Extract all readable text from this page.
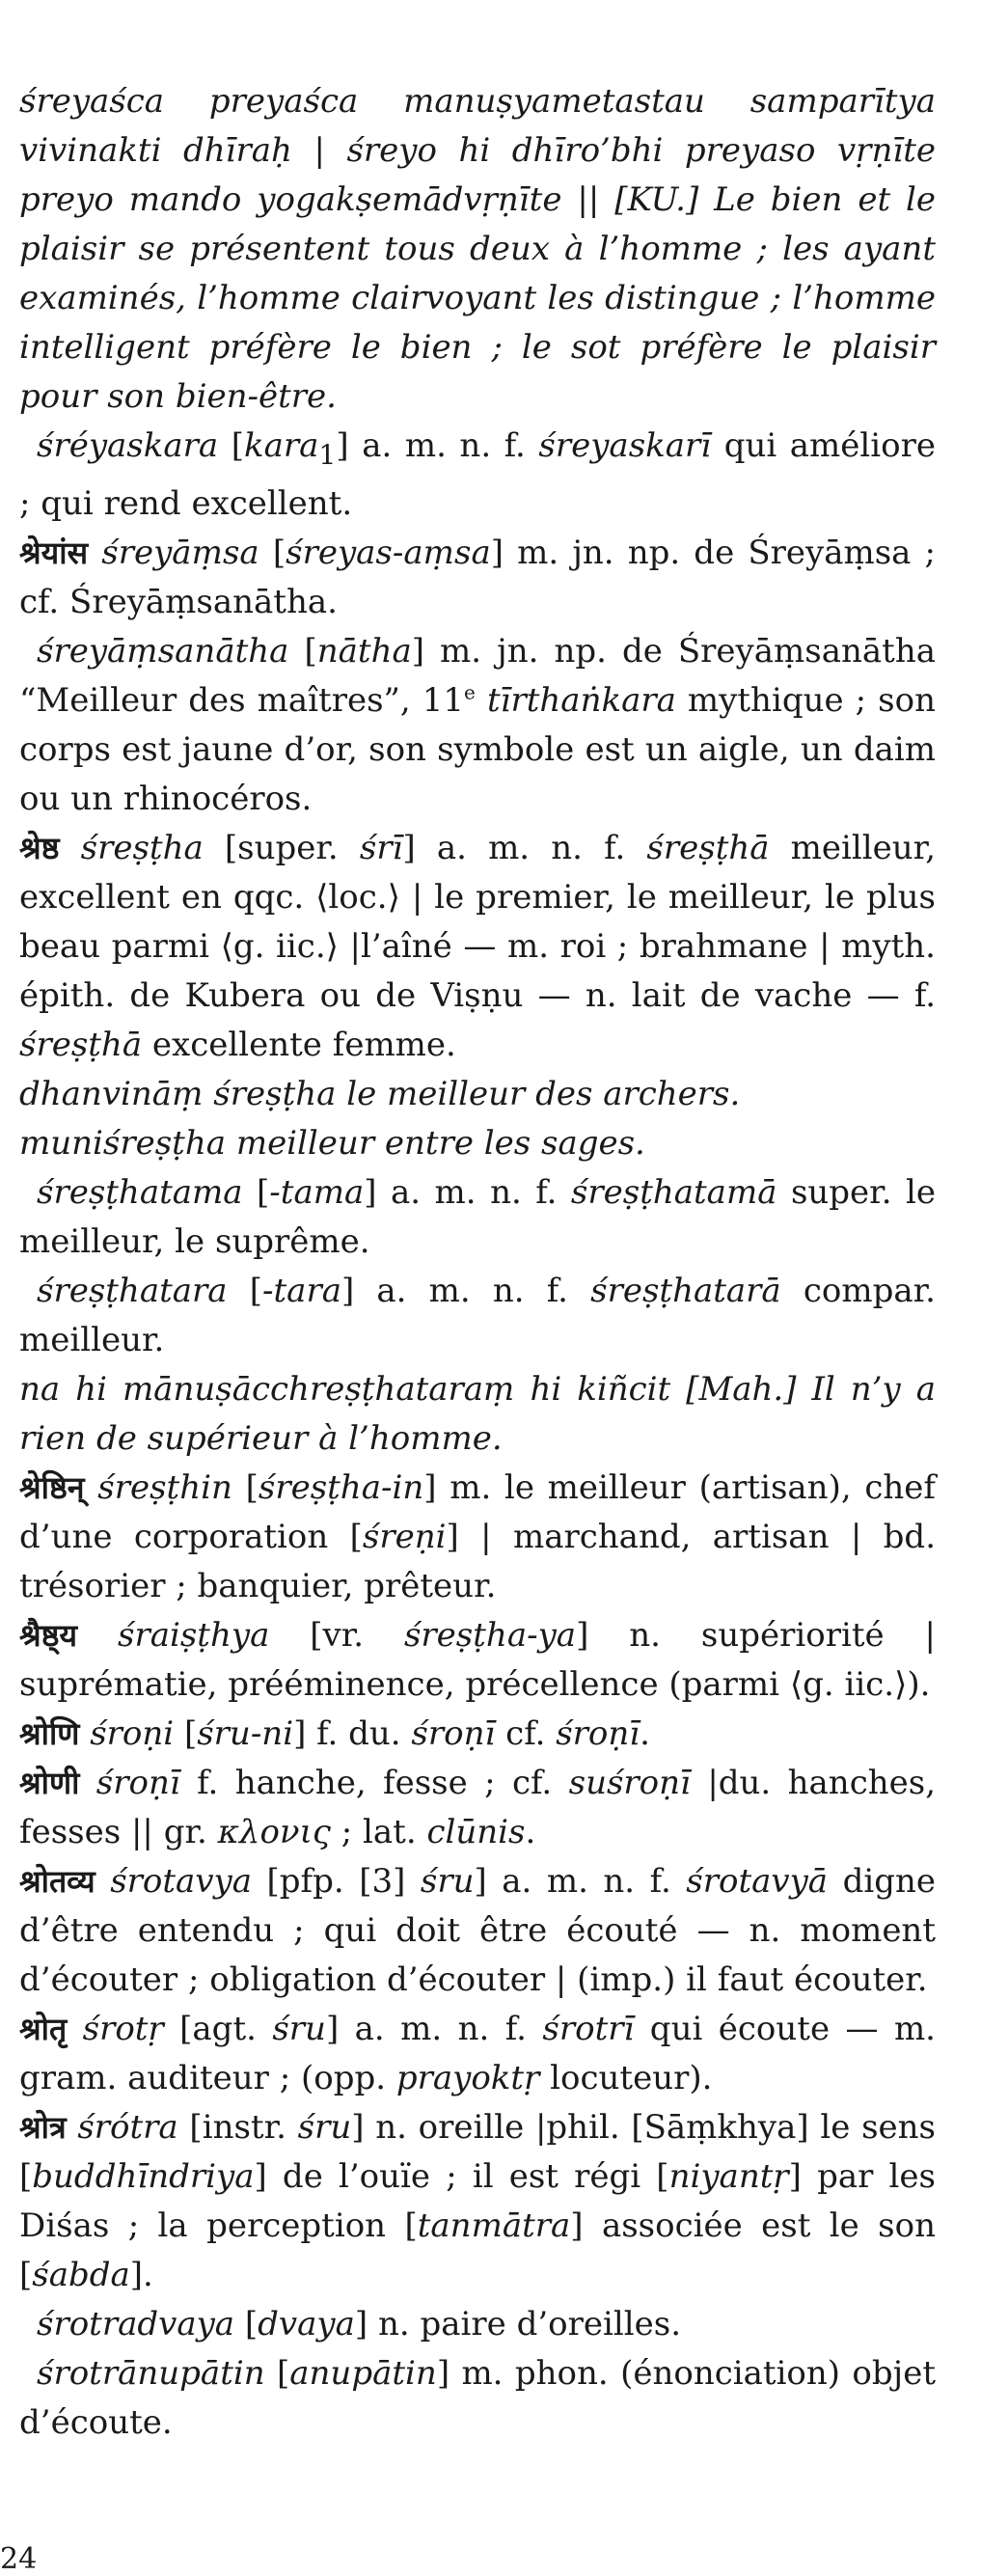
śreyaśca preyaśca manuṣyametastau samparītya vivinakti dhīraḥ | śreyo hi dhīro’bhi preyaso vṛṇīte preyo mando yogakṣemādvṛṇīte || [KU.] Le bien et le plaisir se présentent tous deux à l’homme ; les ayant examinés, l’homme clairvoyant les distingue ; l’homme intelligent préfère le bien ; le sot préfère le plaisir pour son bien-être.

śréyaskara [kara$_1$] a. m. n. f. śreyaskarī qui améliore ; qui rend excellent.

श्रेयांस śreyāṃsa [śreyas-aṃsa] m. jn. np. de Śreyāṃsa ; cf. Śreyāṃsanātha.

śreyāṃsanātha [nātha] m. jn. np. de Śreyāṃsanātha “Meilleur des maîtres”, 11e tīrthaṅkara mythique ; son corps est jaune d’or, son symbole est un aigle, un daim ou un rhinocéros.

श्रेष्ठ śreṣṭha [super. śrī] a. m. n. f. śreṣṭhā meilleur, excellent en qqc. ⟨loc.⟩ | le premier, le meilleur, le plus beau parmi ⟨g. iic.⟩ |l’aîné — m. roi ; brahmane | myth. épith. de Kubera ou de Viṣṇu — n. lait de vache — f. śreṣṭhā excellente femme.

dhanvināṃ śreṣṭha le meilleur des archers.

muniśreṣṭha meilleur entre les sages.

śreṣṭhatama [-tama] a. m. n. f. śreṣṭhatamā super. le meilleur, le suprême.

śreṣṭhatara [-tara] a. m. n. f. śreṣṭhatarā compar. meilleur.

na hi mānuṣācchreṣṭhataraṃ hi kiñcit [Mah.] Il n’y a rien de supérieur à l’homme.

श्रेष्ठिन् śreṣṭhin [śreṣṭha-in] m. le meilleur (artisan), chef d’une corporation [śreṇi] | marchand, artisan | bd. trésorier ; banquier, prêteur.

श्रैष्ठ्य śraiṣṭhya [vr. śreṣṭha-ya] n. supériorité | suprématie, prééminence, précellence (parmi ⟨g. iic.⟩).

श्रोणि śroṇi [śru-ni] f. du. śroṇī cf. śroṇī.

श्रोणी śroṇī f. hanche, fesse ; cf. suśroṇī |du. hanches, fesses || gr. κλονις ; lat. clūnis.

श्रोतव्य śrotavya [pfp. [3] śru] a. m. n. f. śrotavyā digne d’être entendu ; qui doit être écouté — n. moment d’écouter ; obligation d’écouter | (imp.) il faut écouter.

श्रोतृ śrotṛ [agt. śru] a. m. n. f. śrotrī qui écoute — m. gram. auditeur ; (opp. prayoktṛ locuteur).

श्रोत्र śrótra [instr. śru] n. oreille |phil. [Sāṃkhya] le sens [buddhīndriya] de l’ouïe ; il est régi [niyantṛ] par les Diśas ; la perception [tanmātra] associée est le son [śabda].

śrotradvaya [dvaya] n. paire d’oreilles.

śrotrānupātin [anupātin] m. phon. (énonciation) objet d’écoute.

24
